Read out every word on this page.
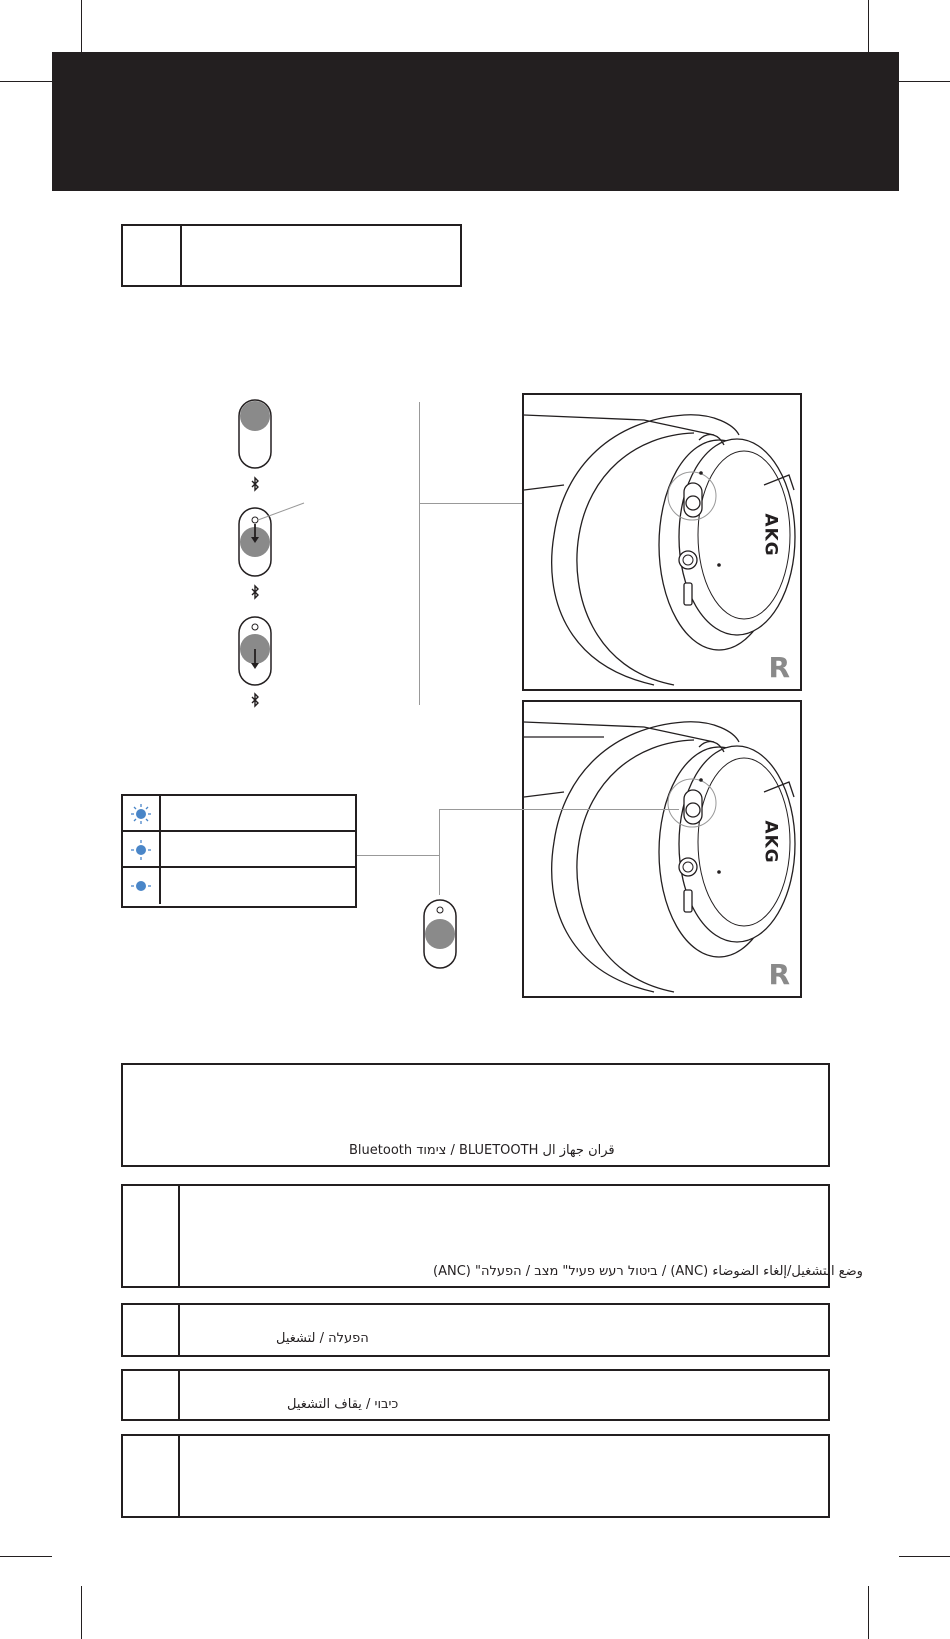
AKG
R
AKG
R
Bluetooth צימוד / BLUETOOTH قران جهاز ال
(ANC) "ביטול רעש פעיל" מצב / הפעלה / (ANC) وضع التشغيل/إلغاء الضوضاء
הפעלה / لتشغيل
כיבוי / يقاف التشغيل
